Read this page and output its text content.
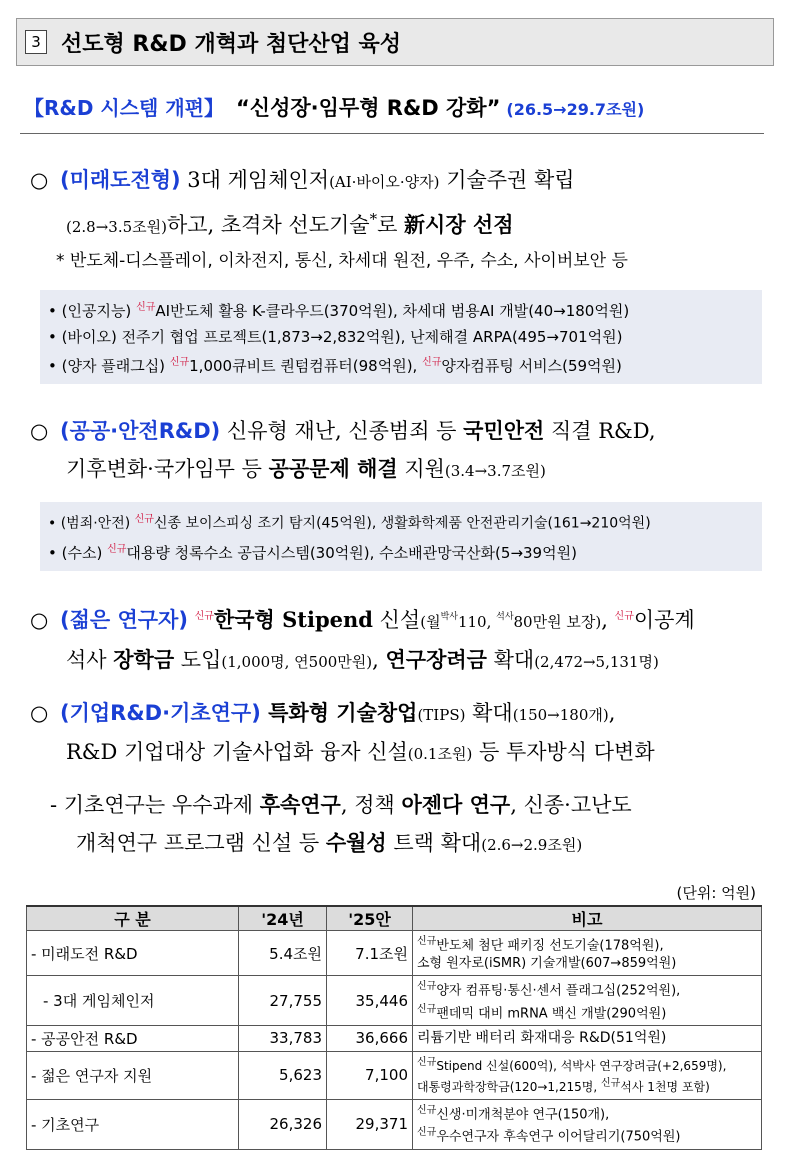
3 선도형 R&D 개혁과 첨단산업 육성
【R&D 시스템 개편】 “신성장·임무형 R&D 강화” (26.5→29.7조원)
○ (미래도전형) 3대 게임체인저(AI·바이오·양자) 기술주권 확립
(2.8→3.5조원)하고, 초격차 선도기술*로 新시장 선점
* 반도체-디스플레이, 이차전지, 통신, 차세대 원전, 우주, 수소, 사이버보안 등
• (인공지능) $^{신규}$AI반도체 활용 K-클라우드(370억원), 차세대 범용AI 개발(40→180억원)
• (바이오) 전주기 협업 프로젝트(1,873→2,832억원), 난제해결 ARPA(495→701억원)
• (양자 플래그십) $^{신규}$1,000큐비트 퀀텀컴퓨터(98억원), $^{신규}$양자컴퓨팅 서비스(59억원)
○ (공공·안전R&D) 신유형 재난, 신종범죄 등 국민안전 직결 R&D,
기후변화·국가임무 등 공공문제 해결 지원(3.4→3.7조원)
• (범죄·안전) $^{신규}$신종 보이스피싱 조기 탐지(45억원), 생활화학제품 안전관리기술(161→210억원)
• (수소) $^{신규}$대용량 청록수소 공급시스템(30억원), 수소배관망국산화(5→39억원)
○ (젊은 연구자) $^{신규}$한국형 Stipend 신설(월$^{박사}$110, $^{석사}$80만원 보장), $^{신규}$이공계
석사 장학금 도입(1,000명, 연500만원), 연구장려금 확대(2,472→5,131명)
○ (기업R&D·기초연구) 특화형 기술창업(TIPS) 확대(150→180개),
R&D 기업대상 기술사업화 융자 신설(0.1조원) 등 투자방식 다변화
- 기초연구는 우수과제 후속연구, 정책 아젠다 연구, 신종·고난도
개척연구 프로그램 신설 등 수월성 트랙 확대(2.6→2.9조원)
(단위: 억원)
구 분	'24년	'25안	비고
- 미래도전 R&D	5.4조원	7.1조원	$^{신규}$반도체 첨단 패키징 선도기술(178억원),
소형 원자로(iSMR) 기술개발(607→859억원)

- 3대 게임체인저	27,755	35,446	$^{신규}$양자 컴퓨팅·통신·센서 플래그십(252억원),
$^{신규}$팬데믹 대비 mRNA 백신 개발(290억원)

- 공공안전 R&D	33,783	36,666	리튬기반 배터리 화재대응 R&D(51억원)
- 젊은 연구자 지원	5,623	7,100	$^{신규}$Stipend 신설(600억), 석박사 연구장려금(+2,659명),
대통령과학장학금(120→1,215명, $^{신규}$석사 1천명 포함)

- 기초연구	26,326	29,371	$^{신규}$신생·미개척분야 연구(150개),
$^{신규}$우수연구자 후속연구 이어달리기(750억원)
